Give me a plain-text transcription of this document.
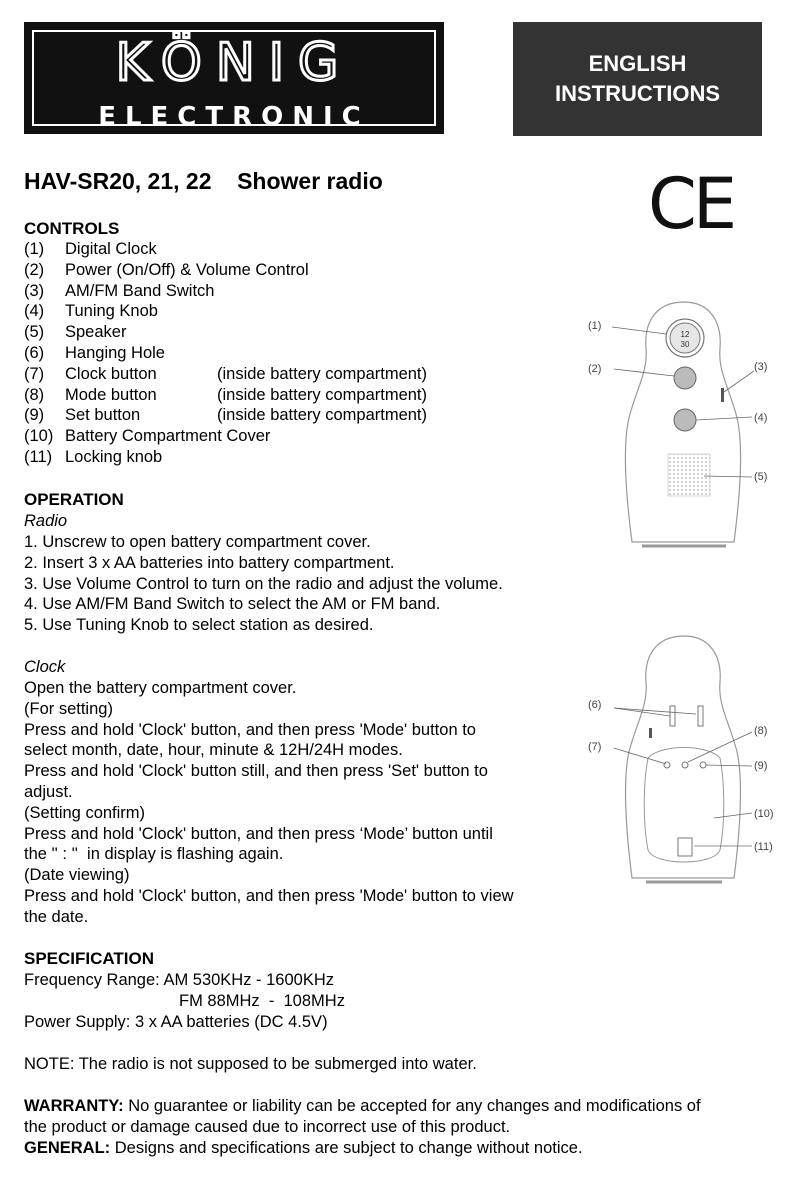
KÖNIG
ELECTRONIC
ENGLISH
INSTRUCTIONS
HAV-SR20, 21, 22 Shower radio	CE
CONTROLS
(1) Digital Clock
(2) Power (On/Off) & Volume Control
(3) AM/FM Band Switch
(4) Tuning Knob
(5) Speaker
(6) Hanging Hole
(7) Clock button	(inside battery compartment)
(8) Mode button	(inside battery compartment)
(9) Set button	(inside battery compartment)
(10) Battery Compartment Cover
(11) Locking knob
OPERATION
Radio
1. Unscrew to open battery compartment cover.
2. Insert 3 x AA batteries into battery compartment.
3. Use Volume Control to turn on the radio and adjust the volume.
4. Use AM/FM Band Switch to select the AM or FM band.
5. Use Tuning Knob to select station as desired.
Clock
Open the battery compartment cover.
(For setting)
Press and hold 'Clock' button, and then press 'Mode' button to
select month, date, hour, minute & 12H/24H modes.
Press and hold 'Clock' button still, and then press 'Set' button to
adjust.
(Setting confirm)
Press and hold 'Clock' button, and then press ‘Mode’ button until
the '' : ''  in display is flashing again.
(Date viewing)
Press and hold 'Clock' button, and then press 'Mode' button to view
the date.
SPECIFICATION
Frequency Range: AM 530KHz - 1600KHz
FM 88MHz  -  108MHz
Power Supply: 3 x AA batteries (DC 4.5V)
NOTE: The radio is not supposed to be submerged into water.
WARRANTY: No guarantee or liability can be accepted for any changes and modifications of
the product or damage caused due to incorrect use of this product.
GENERAL: Designs and specifications are subject to change without notice.
12
30
(1)
(2)	(3)
(4)
(5)
(6)
(7)
(8)
(9)
(10)
(11)
